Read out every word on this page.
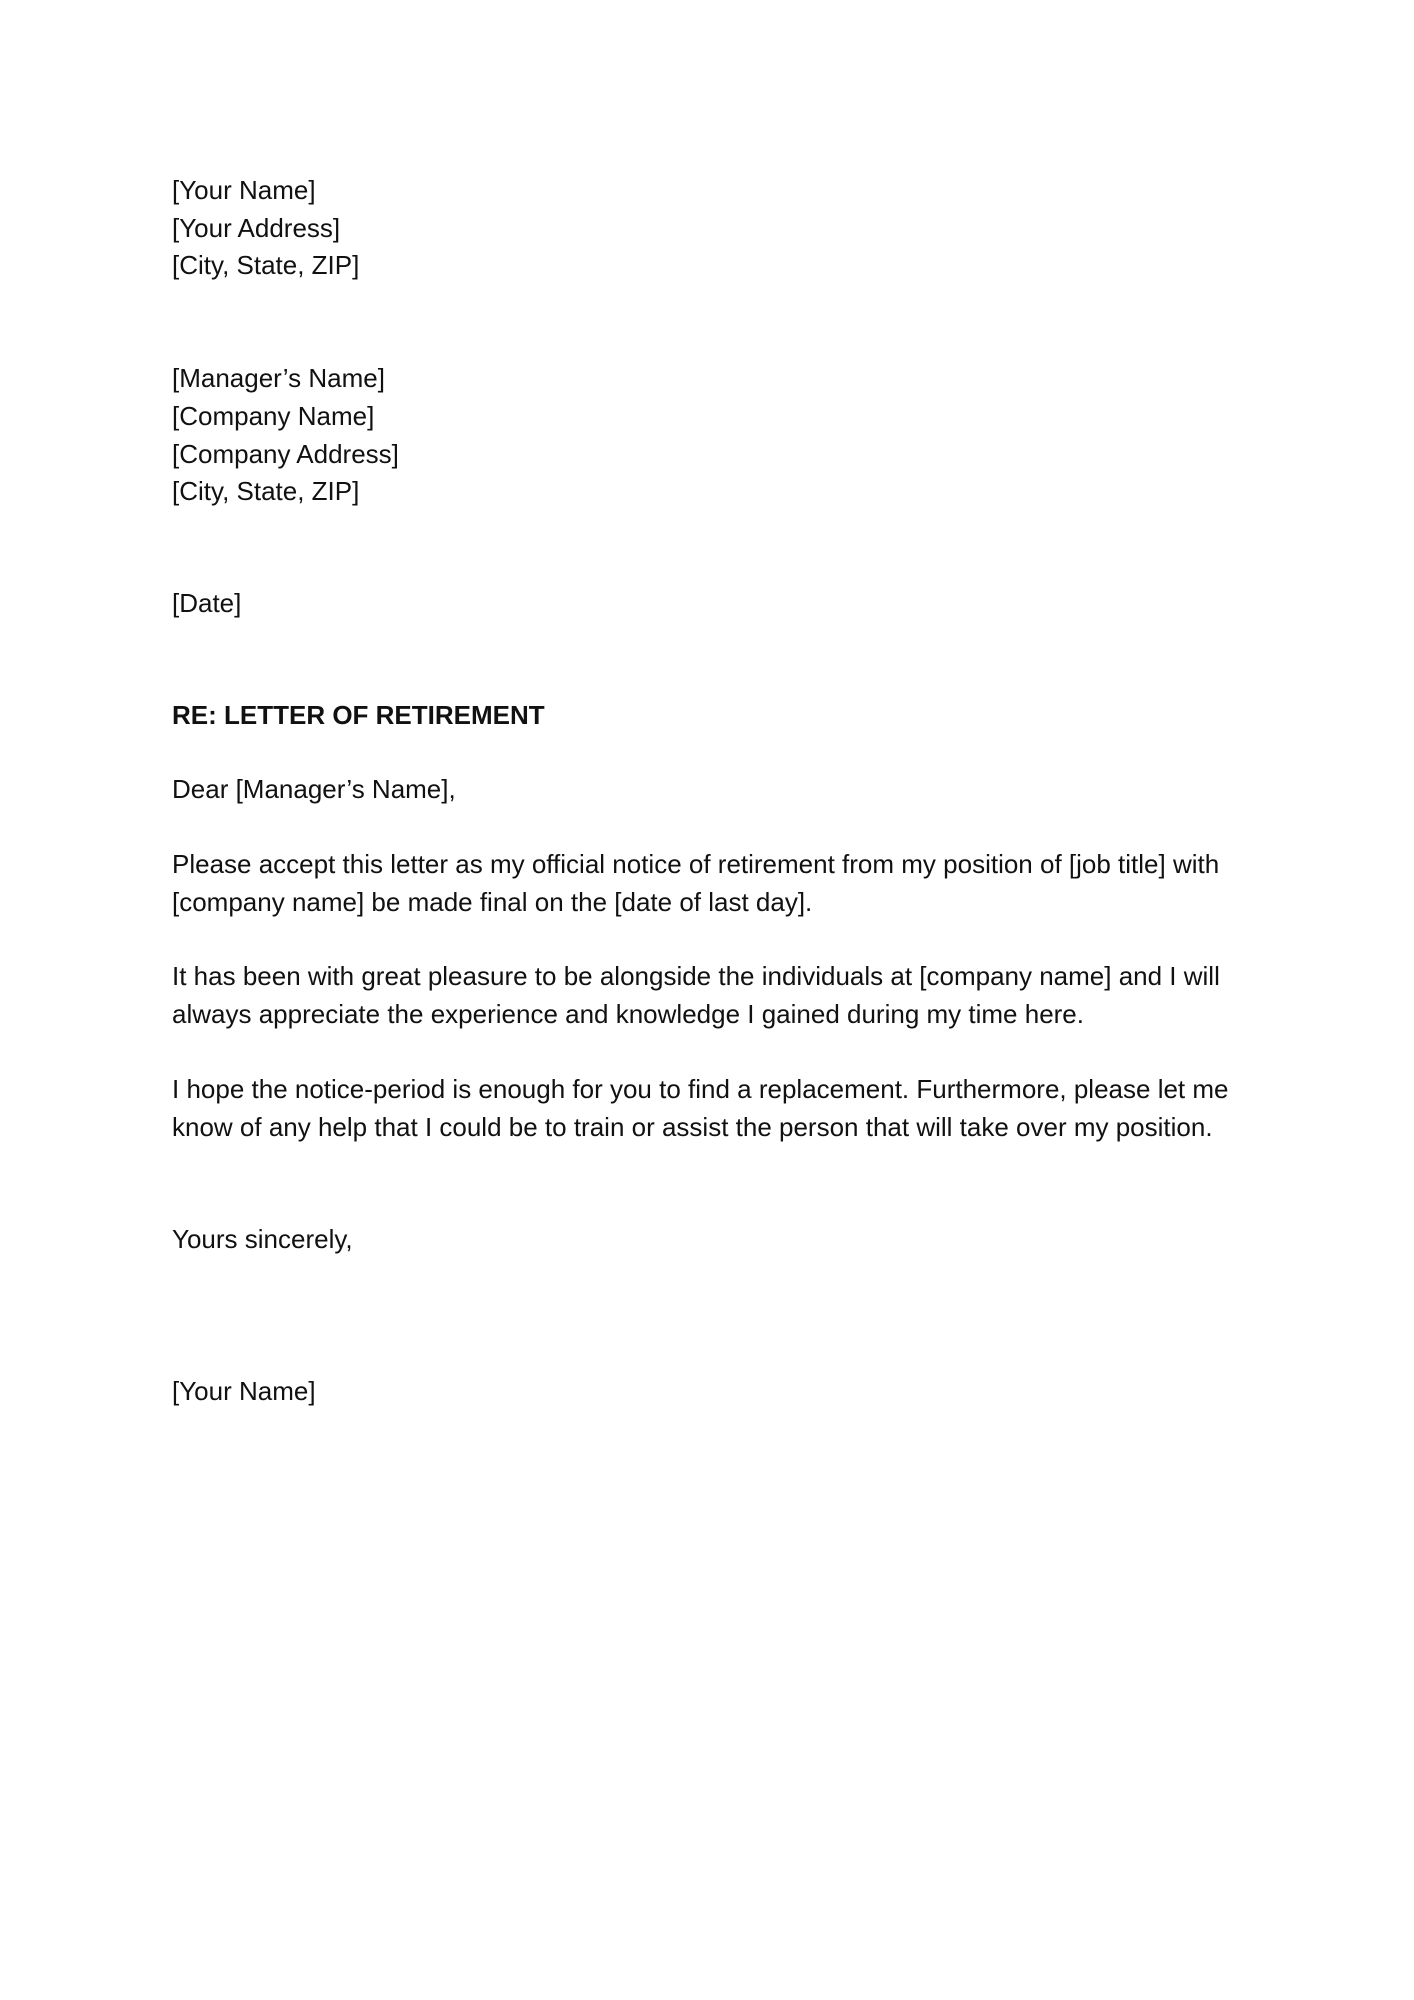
[Your Name]
[Your Address]
[City, State, ZIP]
[Manager’s Name]
[Company Name]
[Company Address]
[City, State, ZIP]
[Date]
RE: LETTER OF RETIREMENT
Dear [Manager’s Name],

Please accept this letter as my official notice of retirement from my position of [job title] with [company name] be made final on the [date of last day].

It has been with great pleasure to be alongside the individuals at [company name] and I will always appreciate the experience and knowledge I gained during my time here.

I hope the notice-period is enough for you to find a replacement. Furthermore, please let me know of any help that I could be to train or assist the person that will take over my position.

Yours sincerely,
[Your Name]
